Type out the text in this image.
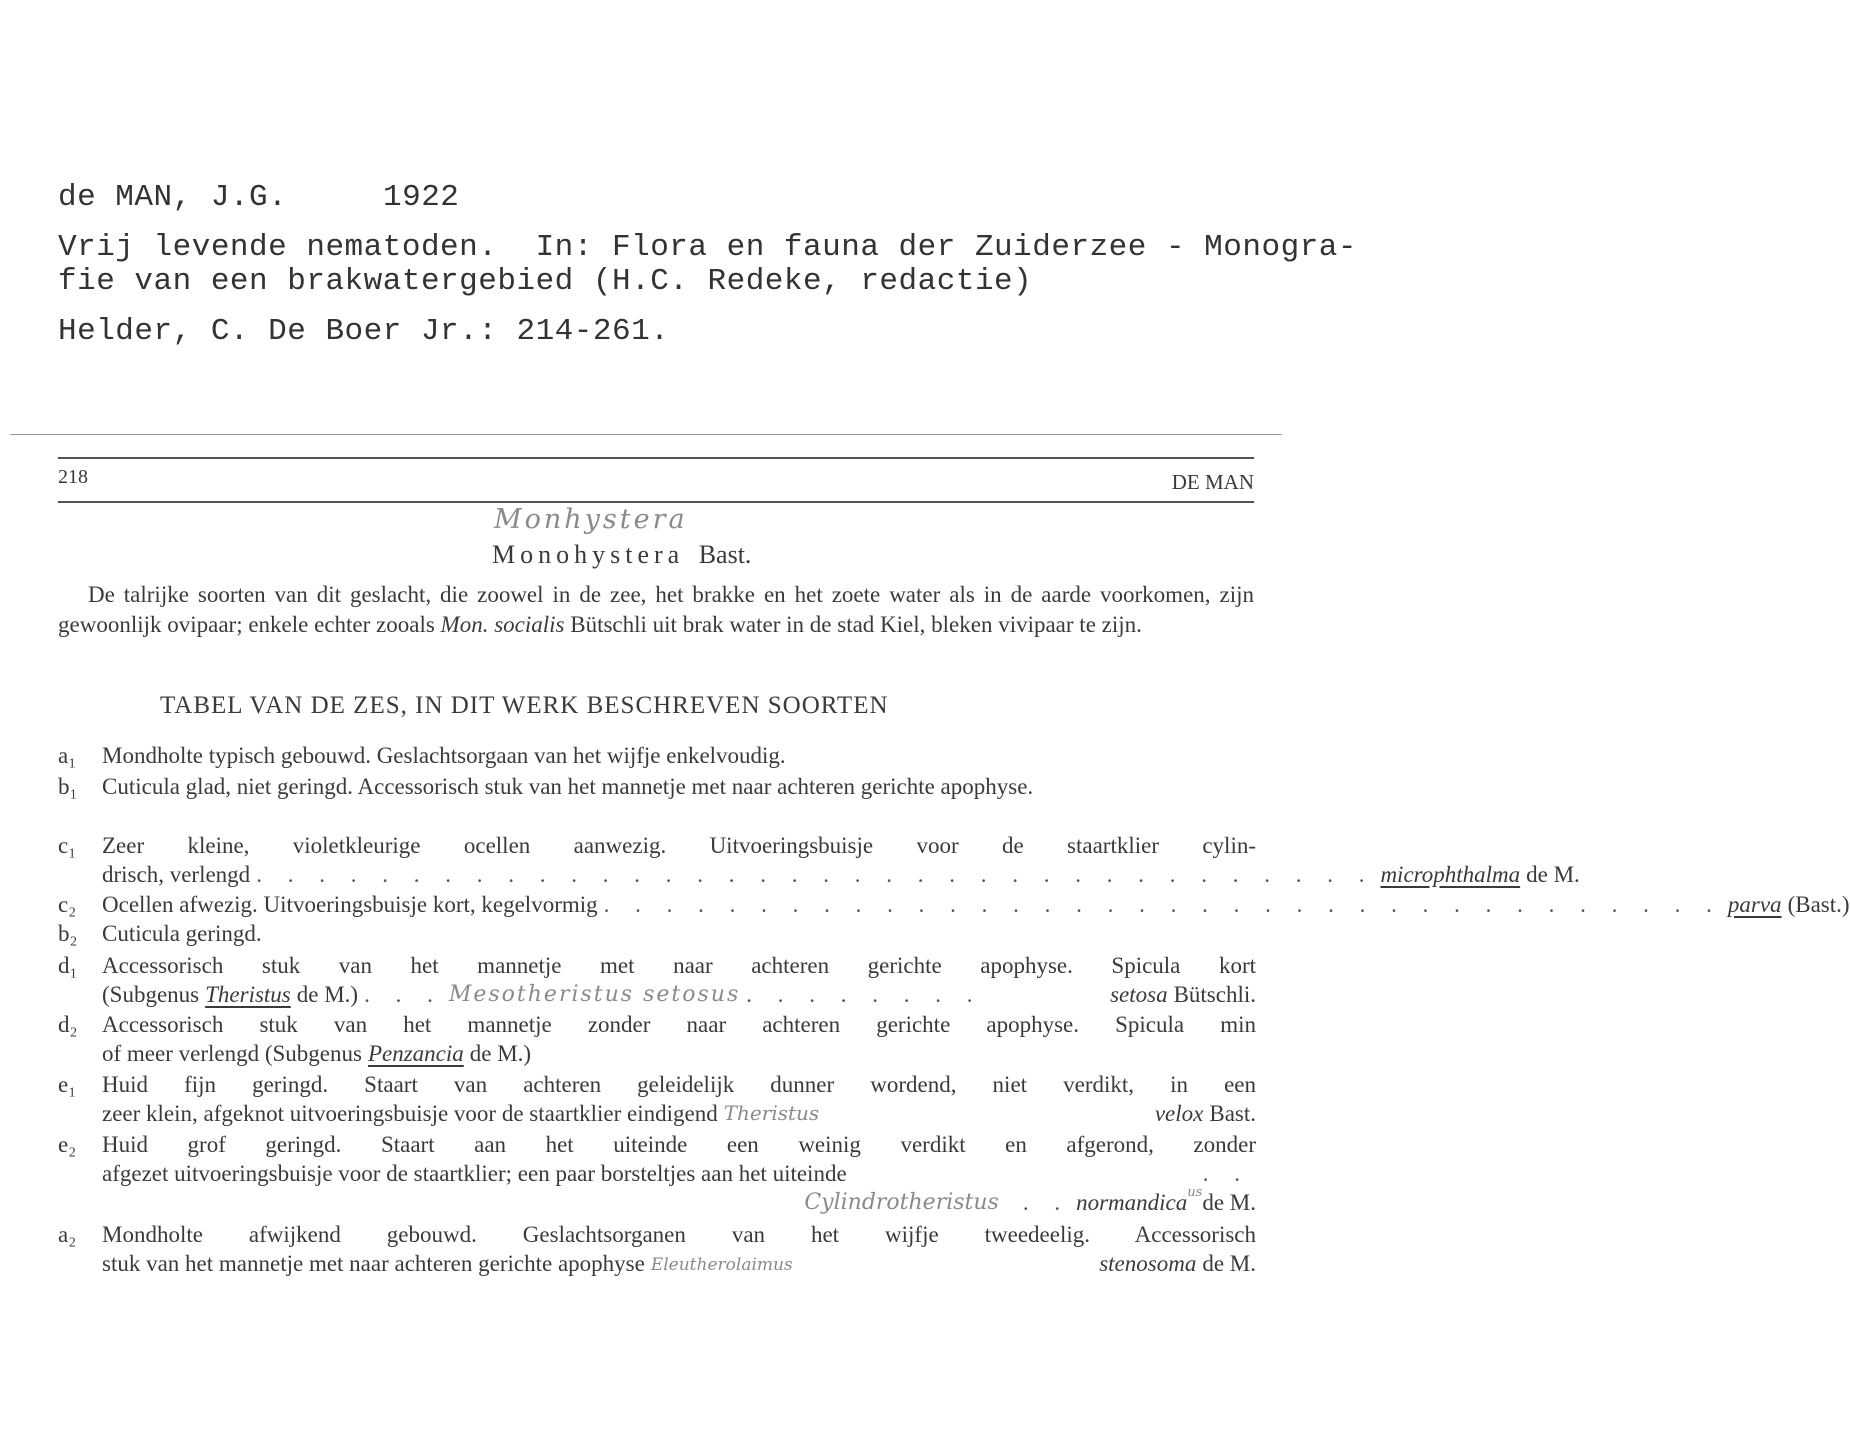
de MAN, J.G.	1922
Vrij levende nematoden.  In: Flora en fauna der Zuiderzee - Monogra-
fie van een brakwatergebied (H.C. Redeke, redactie)
Helder, C. De Boer Jr.: 214-261.
218	DE MAN
Monhystera
Monohystera Bast.
De talrijke soorten van dit geslacht, die zoowel in de zee, het brakke en het zoete water als in de aarde voorkomen, zijn gewoonlijk ovipaar; enkele echter zooals Mon. socialis Bütschli uit brak water in de stad Kiel, bleken vivipaar te zijn.
TABEL VAN DE ZES, IN DIT WERK BESCHREVEN SOORTEN
a₁	Mondholte typisch gebouwd. Geslachtsorgaan van het wijfje enkelvoudig.
b₁	Cuticula glad, niet geringd. Accessorisch stuk van het mannetje met naar achteren gerichte apophyse.
c₁	Zeer kleine, violetkleurige ocellen aanwezig. Uitvoeringsbuisje voor de staartklier cylin-
drisch, verlengd . . . . . . . . . . . . . . . . . . . . . . . . . . . . . . . . . . . . microphthalma de M.
c₂	Ocellen afwezig. Uitvoeringsbuisje kort, kegelvormig . . . . . . . . . . . . . . . . . . . . . . . . . . . . . . . . . . . . parva (Bast.)
b₂	Cuticula geringd.
d₁	Accessorisch stuk van het mannetje met naar achteren gerichte apophyse. Spicula kort
(Subgenus Theristus de M.) . . . Mesotheristus setosus . . . . . . . .	setosa Bütschli.
d₂	Accessorisch stuk van het mannetje zonder naar achteren gerichte apophyse. Spicula min
of meer verlengd (Subgenus Penzancia de M.)
e₁	Huid fijn geringd. Staart van achteren geleidelijk dunner wordend, niet verdikt, in een
zeer klein, afgeknot uitvoeringsbuisje voor de staartklier eindigend Theristus	velox Bast.
e₂	Huid grof geringd. Staart aan het uiteinde een weinig verdikt en afgerond, zonder
afgezet uitvoeringsbuisje voor de staartklier; een paar borsteltjes aan het uiteinde	. .
Cylindrotheristus . . normandica us de M.
a₂	Mondholte afwijkend gebouwd. Geslachtsorganen van het wijfje tweedeelig. Accessorisch
stuk van het mannetje met naar achteren gerichte apophyse Eleutherolaimus	stenosoma de M.
